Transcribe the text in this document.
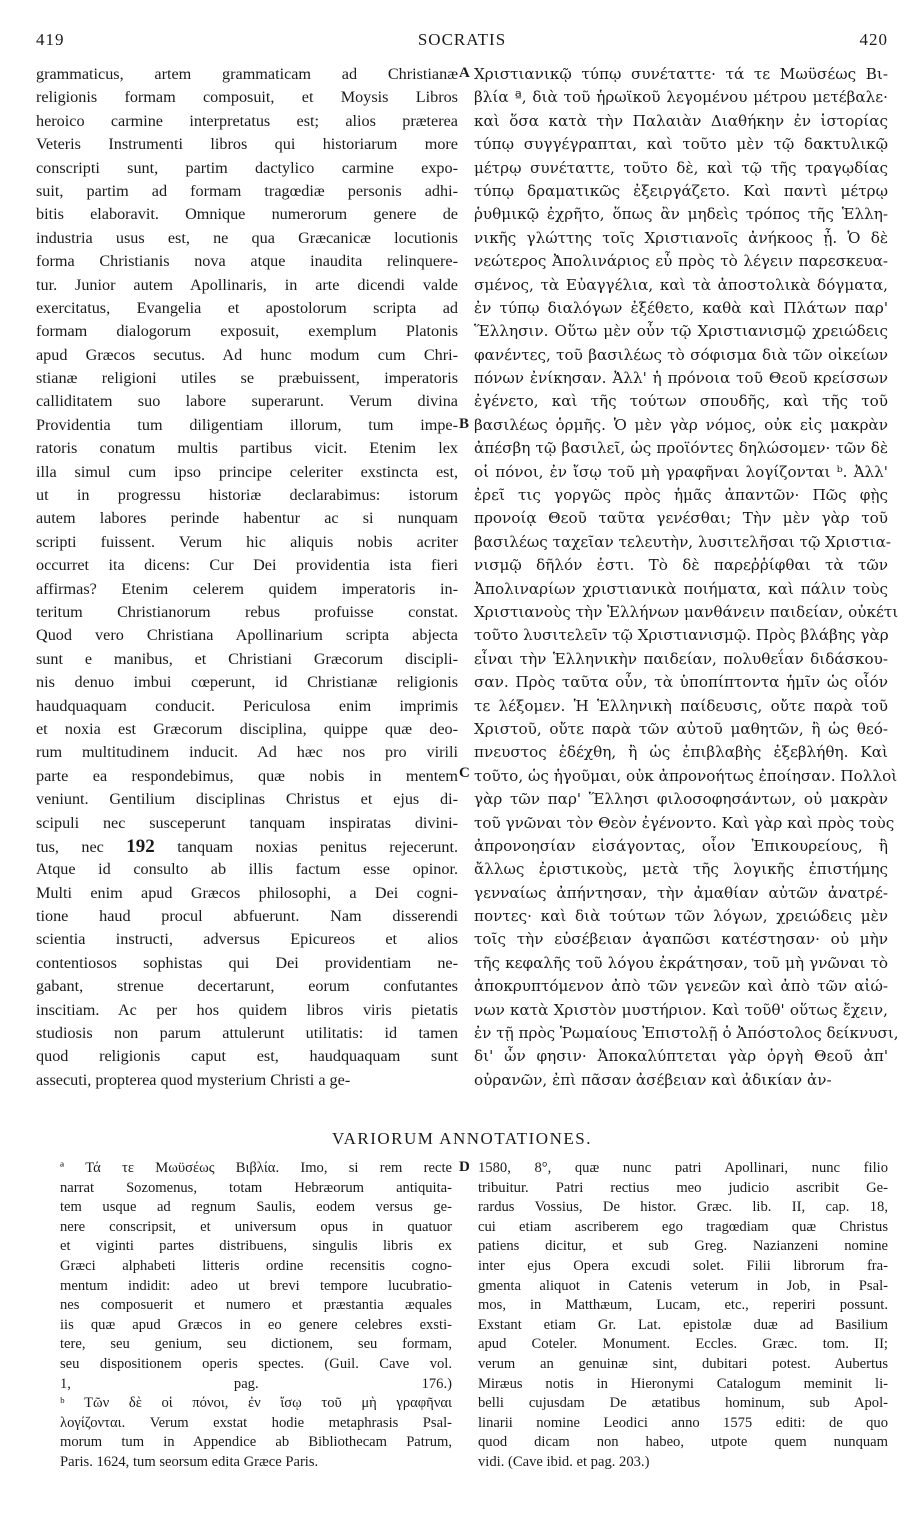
419	SOCRATIS	420
grammaticus, artem grammaticam ad Christianæ
religionis formam composuit, et Moysis Libros
heroico carmine interpretatus est; alios præterea
Veteris Instrumenti libros qui historiarum more
conscripti sunt, partim dactylico carmine expo-
suit, partim ad formam tragœdiæ personis adhi-
bitis elaboravit. Omnique numerorum genere de
industria usus est, ne qua Græcanicæ locutionis
forma Christianis nova atque inaudita relinquere-
tur. Junior autem Apollinaris, in arte dicendi valde
exercitatus, Evangelia et apostolorum scripta ad
formam dialogorum exposuit, exemplum Platonis
apud Græcos secutus. Ad hunc modum cum Chri-
stianæ religioni utiles se præbuissent, imperatoris
calliditatem suo labore superarunt. Verum divina
Providentia tum diligentiam illorum, tum impe-
ratoris conatum multis partibus vicit. Etenim lex
illa simul cum ipso principe celeriter exstincta est,
ut in progressu historiæ declarabimus: istorum
autem labores perinde habentur ac si nunquam
scripti fuissent. Verum hic aliquis nobis acriter
occurret ita dicens: Cur Dei providentia ista fieri
affirmas? Etenim celerem quidem imperatoris in-
teritum Christianorum rebus profuisse constat.
Quod vero Christiana Apollinarium scripta abjecta
sunt e manibus, et Christiani Græcorum discipli-
nis denuo imbui cœperunt, id Christianæ religionis
haudquaquam conducit. Periculosa enim imprimis
et noxia est Græcorum disciplina, quippe quæ deo-
rum multitudinem inducit. Ad hæc nos pro virili
parte ea respondebimus, quæ nobis in mentem
veniunt. Gentilium disciplinas Christus et ejus di-
scipuli nec susceperunt tanquam inspiratas divini-
tus, nec 192 tanquam noxias penitus rejecerunt.
Atque id consulto ab illis factum esse opinor.
Multi enim apud Græcos philosophi, a Dei cogni-
tione haud procul abfuerunt. Nam disserendi
scientia instructi, adversus Epicureos et alios
contentiosos sophistas qui Dei providentiam ne-
gabant, strenue decertarunt, eorum confutantes
inscitiam. Ac per hos quidem libros viris pietatis
studiosis non parum attulerunt utilitatis: id tamen
quod religionis caput est, haudquaquam sunt
assecuti, propterea quod mysterium Christi a ge-
Χριστιανικῷ τύπῳ συνέταττε· τά τε Μωϋσέως Βι-
βλία ª, διὰ τοῦ ἡρωϊκοῦ λεγομένου μέτρου μετέβαλε·
καὶ ὅσα κατὰ τὴν Παλαιὰν Διαθήκην ἐν ἱστορίας
τύπῳ συγγέγραπται, καὶ τοῦτο μὲν τῷ δακτυλικῷ
μέτρῳ συνέταττε, τοῦτο δὲ, καὶ τῷ τῆς τραγῳδίας
τύπῳ δραματικῶς ἐξειργάζετο. Καὶ παντὶ μέτρῳ
ῥυθμικῷ ἐχρῆτο, ὅπως ἂν μηδεὶς τρόπος τῆς Ἑλλη-
νικῆς γλώττης τοῖς Χριστιανοῖς ἀνήκοος ᾖ. Ὁ δὲ
νεώτερος Ἀπολινάριος εὖ πρὸς τὸ λέγειν παρεσκευα-
σμένος, τὰ Εὐαγγέλια, καὶ τὰ ἀποστολικὰ δόγματα,
ἐν τύπῳ διαλόγων ἐξέθετο, καθὰ καὶ Πλάτων παρ'
Ἕλλησιν. Οὕτω μὲν οὖν τῷ Χριστιανισμῷ χρειώδεις
φανέντες, τοῦ βασιλέως τὸ σόφισμα διὰ τῶν οἰκείων
πόνων ἐνίκησαν. Ἀλλ' ἡ πρόνοια τοῦ Θεοῦ κρείσσων
ἐγένετο, καὶ τῆς τούτων σπουδῆς, καὶ τῆς τοῦ
βασιλέως ὁρμῆς. Ὁ μὲν γὰρ νόμος, οὐκ εἰς μακρὰν
ἀπέσβη τῷ βασιλεῖ, ὡς προϊόντες δηλώσομεν· τῶν δὲ
οἱ πόνοι, ἐν ἴσῳ τοῦ μὴ γραφῆναι λογίζονται ᵇ. Ἀλλ'
ἐρεῖ τις γοργῶς πρὸς ἡμᾶς ἀπαντῶν· Πῶς φῂς
προνοίᾳ Θεοῦ ταῦτα γενέσθαι; Τὴν μὲν γὰρ τοῦ
βασιλέως ταχεῖαν τελευτὴν, λυσιτελῆσαι τῷ Χριστια-
νισμῷ δῆλόν ἐστι. Τὸ δὲ παρεῤῥίφθαι τὰ τῶν
Ἀπολιναρίων χριστιανικὰ ποιήματα, καὶ πάλιν τοὺς
Χριστιανοὺς τὴν Ἑλλήνων μανθάνειν παιδείαν, οὐκέτι
τοῦτο λυσιτελεῖν τῷ Χριστιανισμῷ. Πρὸς βλάβης γὰρ
εἶναι τὴν Ἑλληνικὴν παιδείαν, πολυθεΐαν διδάσκου-
σαν. Πρὸς ταῦτα οὖν, τὰ ὑποπίπτοντα ἡμῖν ὡς οἷόν
τε λέξομεν. Ἡ Ἑλληνικὴ παίδευσις, οὔτε παρὰ τοῦ
Χριστοῦ, οὔτε παρὰ τῶν αὐτοῦ μαθητῶν, ἢ ὡς θεό-
πνευστος ἐδέχθη, ἢ ὡς ἐπιβλαβὴς ἐξεβλήθη. Καὶ
τοῦτο, ὡς ἡγοῦμαι, οὐκ ἀπρονοήτως ἐποίησαν. Πολλοὶ
γὰρ τῶν παρ' Ἕλλησι φιλοσοφησάντων, οὐ μακρὰν
τοῦ γνῶναι τὸν Θεὸν ἐγένοντο. Καὶ γὰρ καὶ πρὸς τοὺς
ἀπρονοησίαν εἰσάγοντας, οἷον Ἐπικουρείους, ἢ
ἄλλως ἐριστικοὺς, μετὰ τῆς λογικῆς ἐπιστήμης
γενναίως ἀπήντησαν, τὴν ἀμαθίαν αὐτῶν ἀνατρέ-
ποντες· καὶ διὰ τούτων τῶν λόγων, χρειώδεις μὲν
τοῖς τὴν εὐσέβειαν ἀγαπῶσι κατέστησαν· οὐ μὴν
τῆς κεφαλῆς τοῦ λόγου ἐκράτησαν, τοῦ μὴ γνῶναι τὸ
ἀποκρυπτόμενον ἀπὸ τῶν γενεῶν καὶ ἀπὸ τῶν αἰώ-
νων κατὰ Χριστὸν μυστήριον. Καὶ τοῦθ' οὕτως ἔχειν,
ἐν τῇ πρὸς Ῥωμαίους Ἐπιστολῇ ὁ Ἀπόστολος δείκνυσι,
δι' ὧν φησιν· Ἀποκαλύπτεται γὰρ ὀργὴ Θεοῦ ἀπ'
οὐρανῶν, ἐπὶ πᾶσαν ἀσέβειαν καὶ ἀδικίαν ἀν-
A
B
C
D
VARIORUM ANNOTATIONES.
ª Τά τε Μωϋσέως Βιβλία. Imo, si rem recte
narrat Sozomenus, totam Hebræorum antiquita-
tem usque ad regnum Saulis, eodem versus ge-
nere conscripsit, et universum opus in quatuor
et viginti partes distribuens, singulis libris ex
Græci alphabeti litteris ordine recensitis cogno-
mentum indidit: adeo ut brevi tempore lucubratio-
nes composuerit et numero et præstantia æquales
iis quæ apud Græcos in eo genere celebres exsti-
tere, seu genium, seu dictionem, seu formam,
seu dispositionem operis spectes. (Guil. Cave vol.
1, pag. 176.)
ᵇ Τῶν δὲ οἱ πόνοι, ἐν ἴσῳ τοῦ μὴ γραφῆναι
λογίζονται. Verum exstat hodie metaphrasis Psal-
morum tum in Appendice ab Bibliothecam Patrum,
Paris. 1624, tum seorsum edita Græce Paris.
1580, 8°, quæ nunc patri Apollinari, nunc filio
tribuitur. Patri rectius meo judicio ascribit Ge-
rardus Vossius, De histor. Græc. lib. II, cap. 18,
cui etiam ascriberem ego tragœdiam quæ Christus
patiens dicitur, et sub Greg. Nazianzeni nomine
inter ejus Opera excudi solet. Filii librorum fra-
gmenta aliquot in Catenis veterum in Job, in Psal-
mos, in Matthæum, Lucam, etc., reperiri possunt.
Exstant etiam Gr. Lat. epistolæ duæ ad Basilium
apud Coteler. Monument. Eccles. Græc. tom. II;
verum an genuinæ sint, dubitari potest. Aubertus
Miræus notis in Hieronymi Catalogum meminit li-
belli cujusdam De ætatibus hominum, sub Apol-
linarii nomine Leodici anno 1575 editi: de quo
quod dicam non habeo, utpote quem nunquam
vidi. (Cave ibid. et pag. 203.)
